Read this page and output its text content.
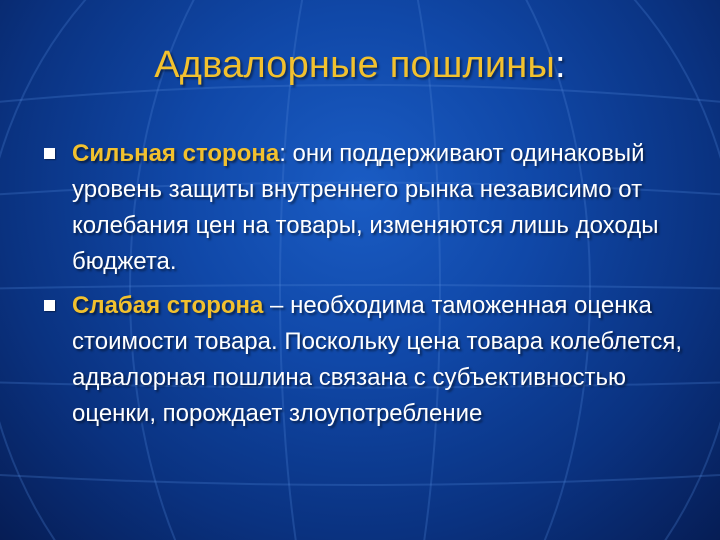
Адвалорные пошлины:
Сильная сторона: они поддерживают одинаковый уровень защиты внутреннего рынка независимо от колебания цен на товары, изменяются лишь доходы бюджета.
Слабая сторона – необходима таможенная оценка стоимости товара. Поскольку цена товара колеблется, адвалорная пошлина связана с субъективностью оценки, порождает злоупотребление
